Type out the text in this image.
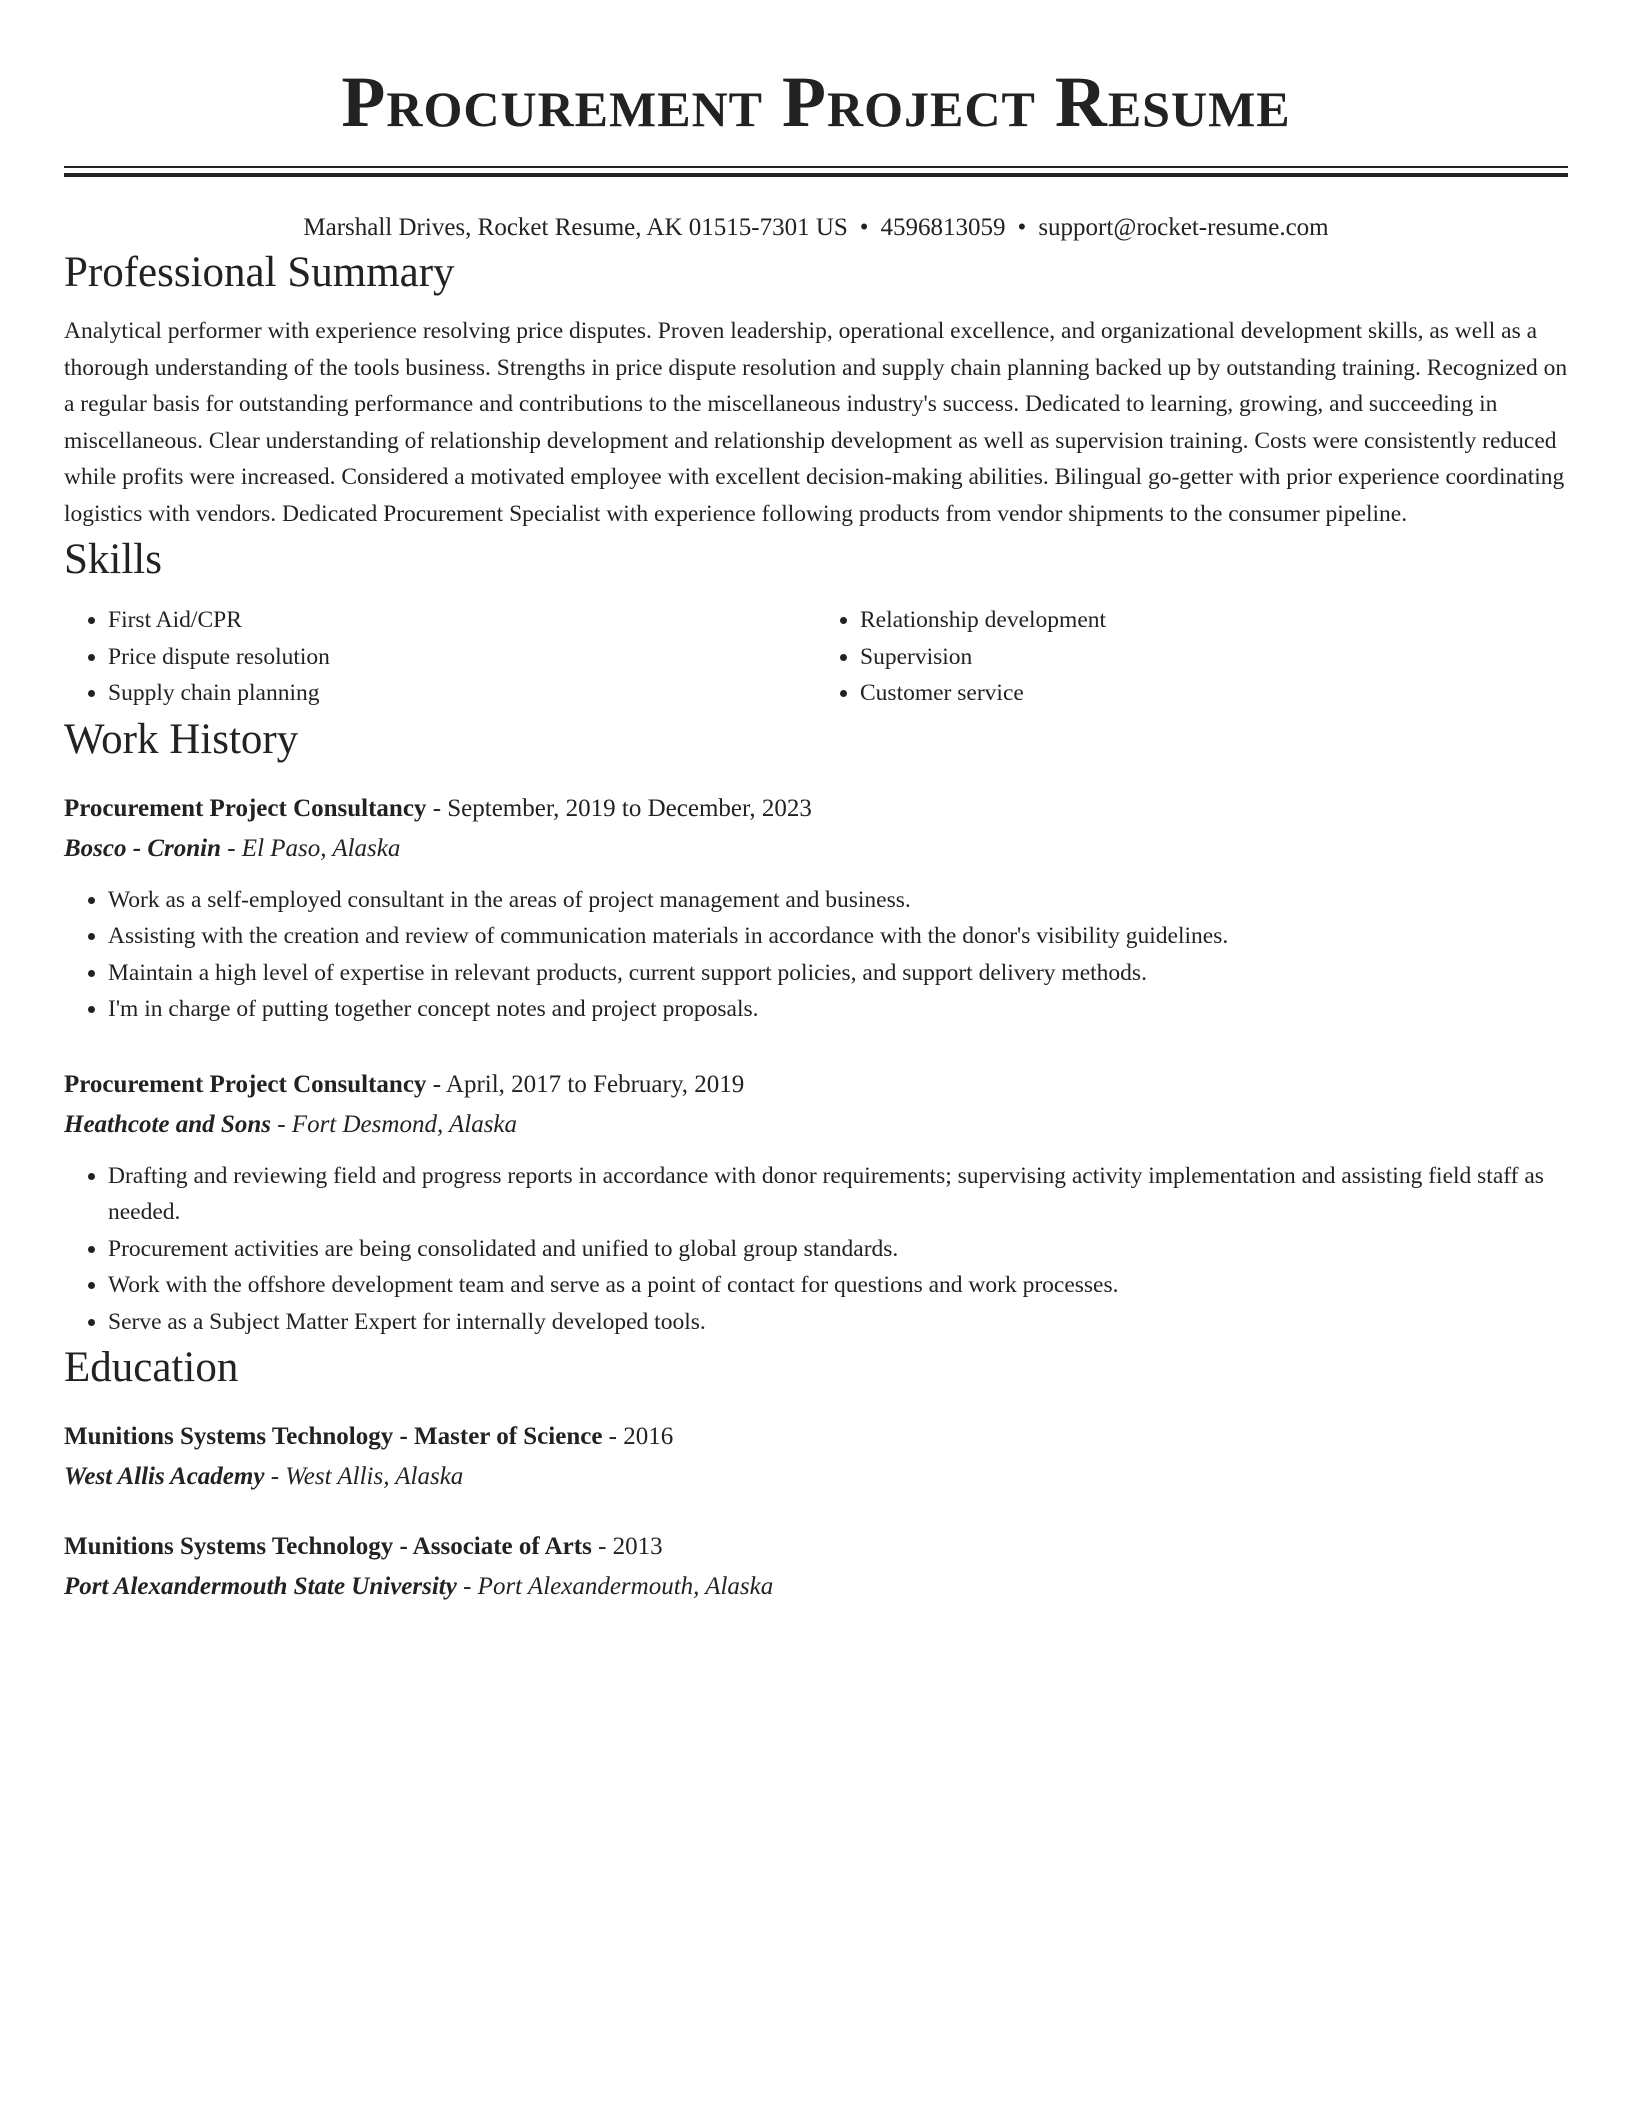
Procurement Project Resume
Marshall Drives, Rocket Resume, AK 01515-7301 US • 4596813059 • support@rocket-resume.com
Professional Summary

Analytical performer with experience resolving price disputes. Proven leadership, operational excellence, and organizational development skills, as well as a thorough understanding of the tools business. Strengths in price dispute resolution and supply chain planning backed up by outstanding training. Recognized on a regular basis for outstanding performance and contributions to the miscellaneous industry's success. Dedicated to learning, growing, and succeeding in miscellaneous. Clear understanding of relationship development and relationship development as well as supervision training. Costs were consistently reduced while profits were increased. Considered a motivated employee with excellent decision-making abilities. Bilingual go-getter with prior experience coordinating logistics with vendors. Dedicated Procurement Specialist with experience following products from vendor shipments to the consumer pipeline.

Skills
• First Aid/CPR
• Price dispute resolution
• Supply chain planning
• Relationship development
• Supervision
• Customer service
Work History
Procurement Project Consultancy - September, 2019 to December, 2023
Bosco - Cronin - El Paso, Alaska
• Work as a self-employed consultant in the areas of project management and business.
• Assisting with the creation and review of communication materials in accordance with the donor's visibility guidelines.
• Maintain a high level of expertise in relevant products, current support policies, and support delivery methods.
• I'm in charge of putting together concept notes and project proposals.
Procurement Project Consultancy - April, 2017 to February, 2019
Heathcote and Sons - Fort Desmond, Alaska
• Drafting and reviewing field and progress reports in accordance with donor requirements; supervising activity implementation and assisting field staff as needed.
• Procurement activities are being consolidated and unified to global group standards.
• Work with the offshore development team and serve as a point of contact for questions and work processes.
• Serve as a Subject Matter Expert for internally developed tools.
Education
Munitions Systems Technology - Master of Science - 2016
West Allis Academy - West Allis, Alaska
Munitions Systems Technology - Associate of Arts - 2013
Port Alexandermouth State University - Port Alexandermouth, Alaska
